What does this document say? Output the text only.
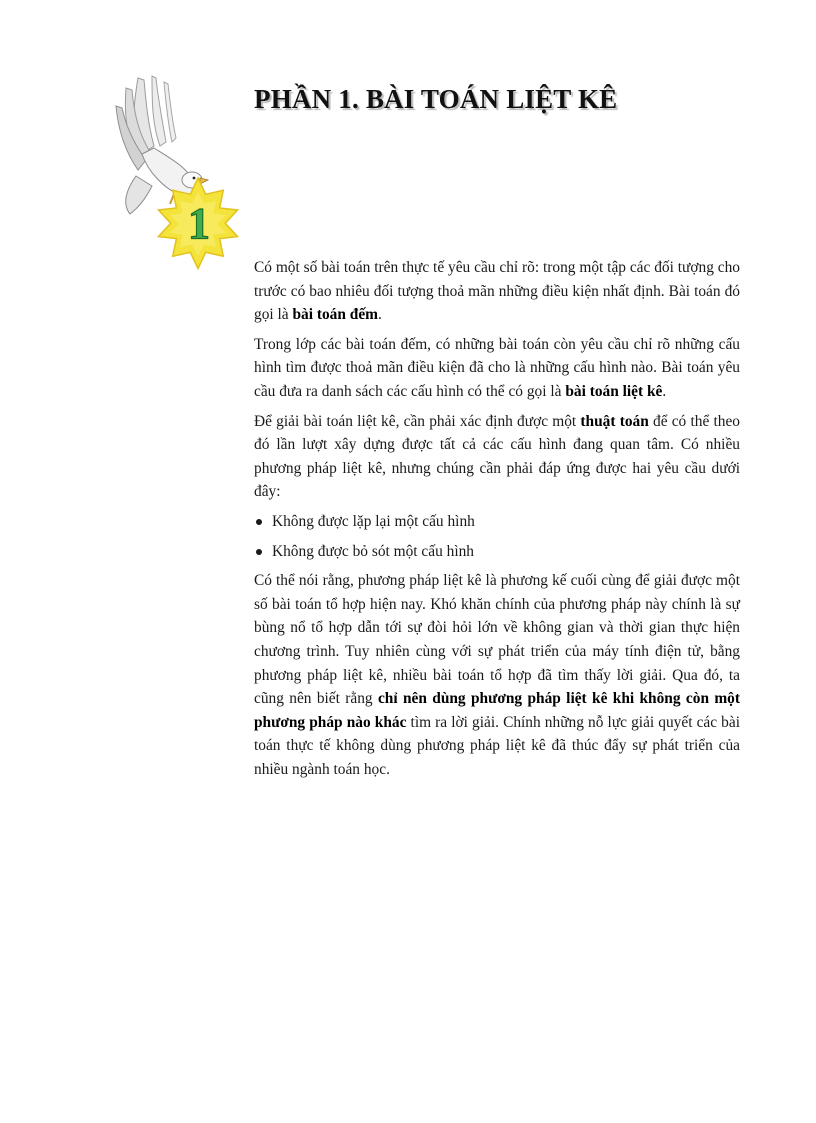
1
PHẦN 1. BÀI TOÁN LIỆT KÊ

Có một số bài toán trên thực tế yêu cầu chỉ rõ: trong một tập các đối tượng cho trước có bao nhiêu đối tượng thoả mãn những điều kiện nhất định. Bài toán đó gọi là bài toán đếm.

Trong lớp các bài toán đếm, có những bài toán còn yêu cầu chỉ rõ những cấu hình tìm được thoả mãn điều kiện đã cho là những cấu hình nào. Bài toán yêu cầu đưa ra danh sách các cấu hình có thể có gọi là bài toán liệt kê.

Để giải bài toán liệt kê, cần phải xác định được một thuật toán để có thể theo đó lần lượt xây dựng được tất cả các cấu hình đang quan tâm. Có nhiều phương pháp liệt kê, nhưng chúng cần phải đáp ứng được hai yêu cầu dưới đây:

Không được lặp lại một cấu hình
Không được bỏ sót một cấu hình

Có thể nói rằng, phương pháp liệt kê là phương kế cuối cùng để giải được một số bài toán tổ hợp hiện nay. Khó khăn chính của phương pháp này chính là sự bùng nổ tổ hợp dẫn tới sự đòi hỏi lớn về không gian và thời gian thực hiện chương trình. Tuy nhiên cùng với sự phát triển của máy tính điện tử, bằng phương pháp liệt kê, nhiều bài toán tổ hợp đã tìm thấy lời giải. Qua đó, ta cũng nên biết rằng chỉ nên dùng phương pháp liệt kê khi không còn một phương pháp nào khác tìm ra lời giải. Chính những nỗ lực giải quyết các bài toán thực tế không dùng phương pháp liệt kê đã thúc đẩy sự phát triển của nhiều ngành toán học.
